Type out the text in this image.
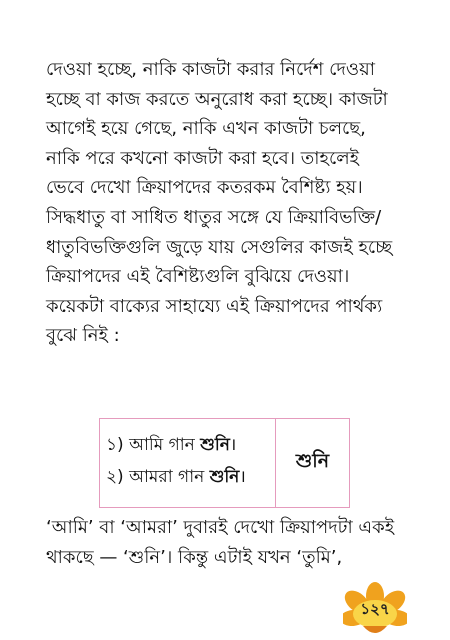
দেওয়া হচ্ছে, নাকি কাজটা করার নির্দেশ দেওয়া
হচ্ছে বা কাজ করতে অনুরোধ করা হচ্ছে। কাজটা
আগেই হয়ে গেছে, নাকি এখন কাজটা চলছে,
নাকি পরে কখনো কাজটা করা হবে। তাহলেই
ভেবে দেখো ক্রিয়াপদের কতরকম বৈশিষ্ট্য হয়।
সিদ্ধধাতু বা সাধিত ধাতুর সঙ্গে যে ক্রিয়াবিভক্তি/
ধাতুবিভক্তিগুলি জুড়ে যায় সেগুলির কাজই হচ্ছে
ক্রিয়াপদের এই বৈশিষ্ট্যগুলি বুঝিয়ে দেওয়া।
কয়েকটা বাক্যের সাহায্যে এই ক্রিয়াপদের পার্থক্য
বুঝে নিই :
১) আমি গান শুনি।
২) আমরা গান শুনি।
শুনি
‘আমি’ বা ‘আমরা’ দুবারই দেখো ক্রিয়াপদটা একই
থাকছে — ‘শুনি’। কিন্তু এটাই যখন ‘তুমি’,
১২৭
